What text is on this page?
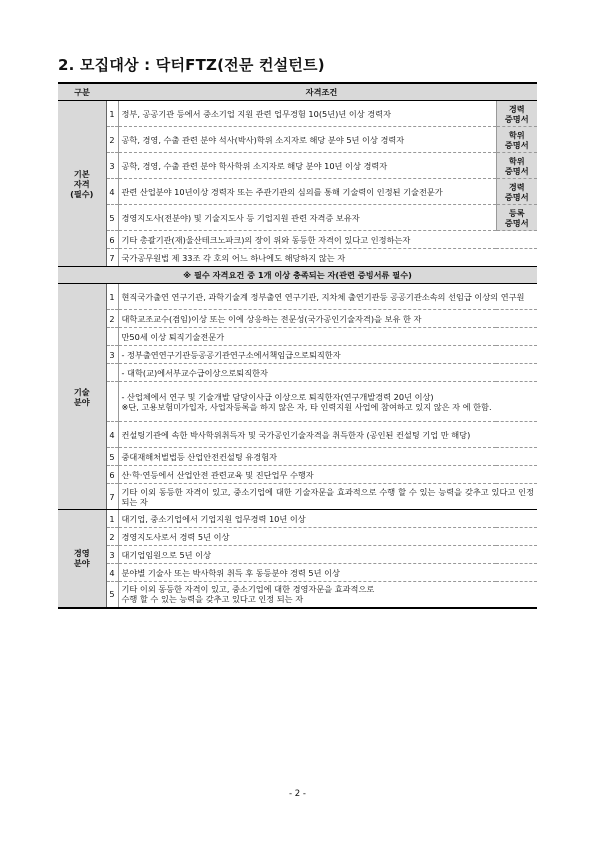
2. 모집대상 : 닥터FTZ(전문 컨설턴트)
구분	자격조건		
기본
자격
(필수)	1	정부, 공공기관 등에서 중소기업 지원 관련 업무경험 10(5년)년 이상 경력자	경력
증명서
	2	공학, 경영, 수출 관련 분야 석사(박사)학위 소지자로 해당 분야 5년 이상 경력자	학위
증명서
	3	공학, 경영, 수출 관련 분야 학사학위 소지자로 해당 분야 10년 이상 경력자	학위
증명서
	4	관련 산업분야 10년이상 경력자 또는 주관기관의 심의를 통해 기술력이 인정된 기술전문가	경력
증명서
	5	경영지도사(전분야) 및 기술지도사 등 기업지원 관련 자격증 보유자	등록
증명서
	6	기타 총괄기관(재)울산테크노파크)의 장이 위와 동등한 자격이 있다고 인정하는자	
	7	국가공무원법 제 33조 각 호의 어느 하나에도 해당하지 않는 자	
※ 필수 자격요건 중 1개 이상 충족되는 자(관련 증빙서류 필수)			
기술
분야	1	현직국가출연 연구기관, 과학기술계 정부출연 연구기관, 지차체 출연기관등 공공기관소속의 선임급 이상의 연구원	
	2	대학교조교수(겸임)이상 또는 이에 상응하는 전문성(국가공인기술자격)을 보유 한 자	
		만50세 이상 퇴직기술전문가	
	3	- 정부출연연구기관등공공기관연구소에서책임급으로퇴직한자	
		- 대학(교)에서부교수급이상으로퇴직한자	
		- 산업체에서 연구 및 기술개발 담당이사급 이상으로 퇴직한자(연구개발경력 20년 이상)
※단, 고용보험미가입자, 사업자등록을 하지 않은 자, 타 인력지원 사업에 참여하고 있지 않은 자 에 한함.	
	4	컨설팅기관에 속한 박사학위취득자 및 국가공인기술자격을 취득한자 (공인된 컨설팅 기업 만 해당)	
	5	중대재해처벌법등 산업안전컨설팅 유경험자	
	6	산·학·연등에서 산업안전 관련교육 및 진단업무 수행자	
	7	기타 이외 동등한 자격이 있고, 중소기업에 대한 기술자문을 효과적으로 수행 할 수 있는 능력을 갖추고 있다고 인정되는 자	
경영
분야	1	대기업, 중소기업에서 기업지원 업무경력 10년 이상	
	2	경영지도사로서 경력 5년 이상	
	3	대기업임원으로 5년 이상	
	4	분야별 기술사 또는 박사학위 취득 후 동등분야 경력 5년 이상	
	5	기타 이외 동등한 자격이 있고, 중소기업에 대한 경영자문을 효과적으로
수행 할 수 있는 능력을 갖추고 있다고 인정 되는 자	
- 2 -
